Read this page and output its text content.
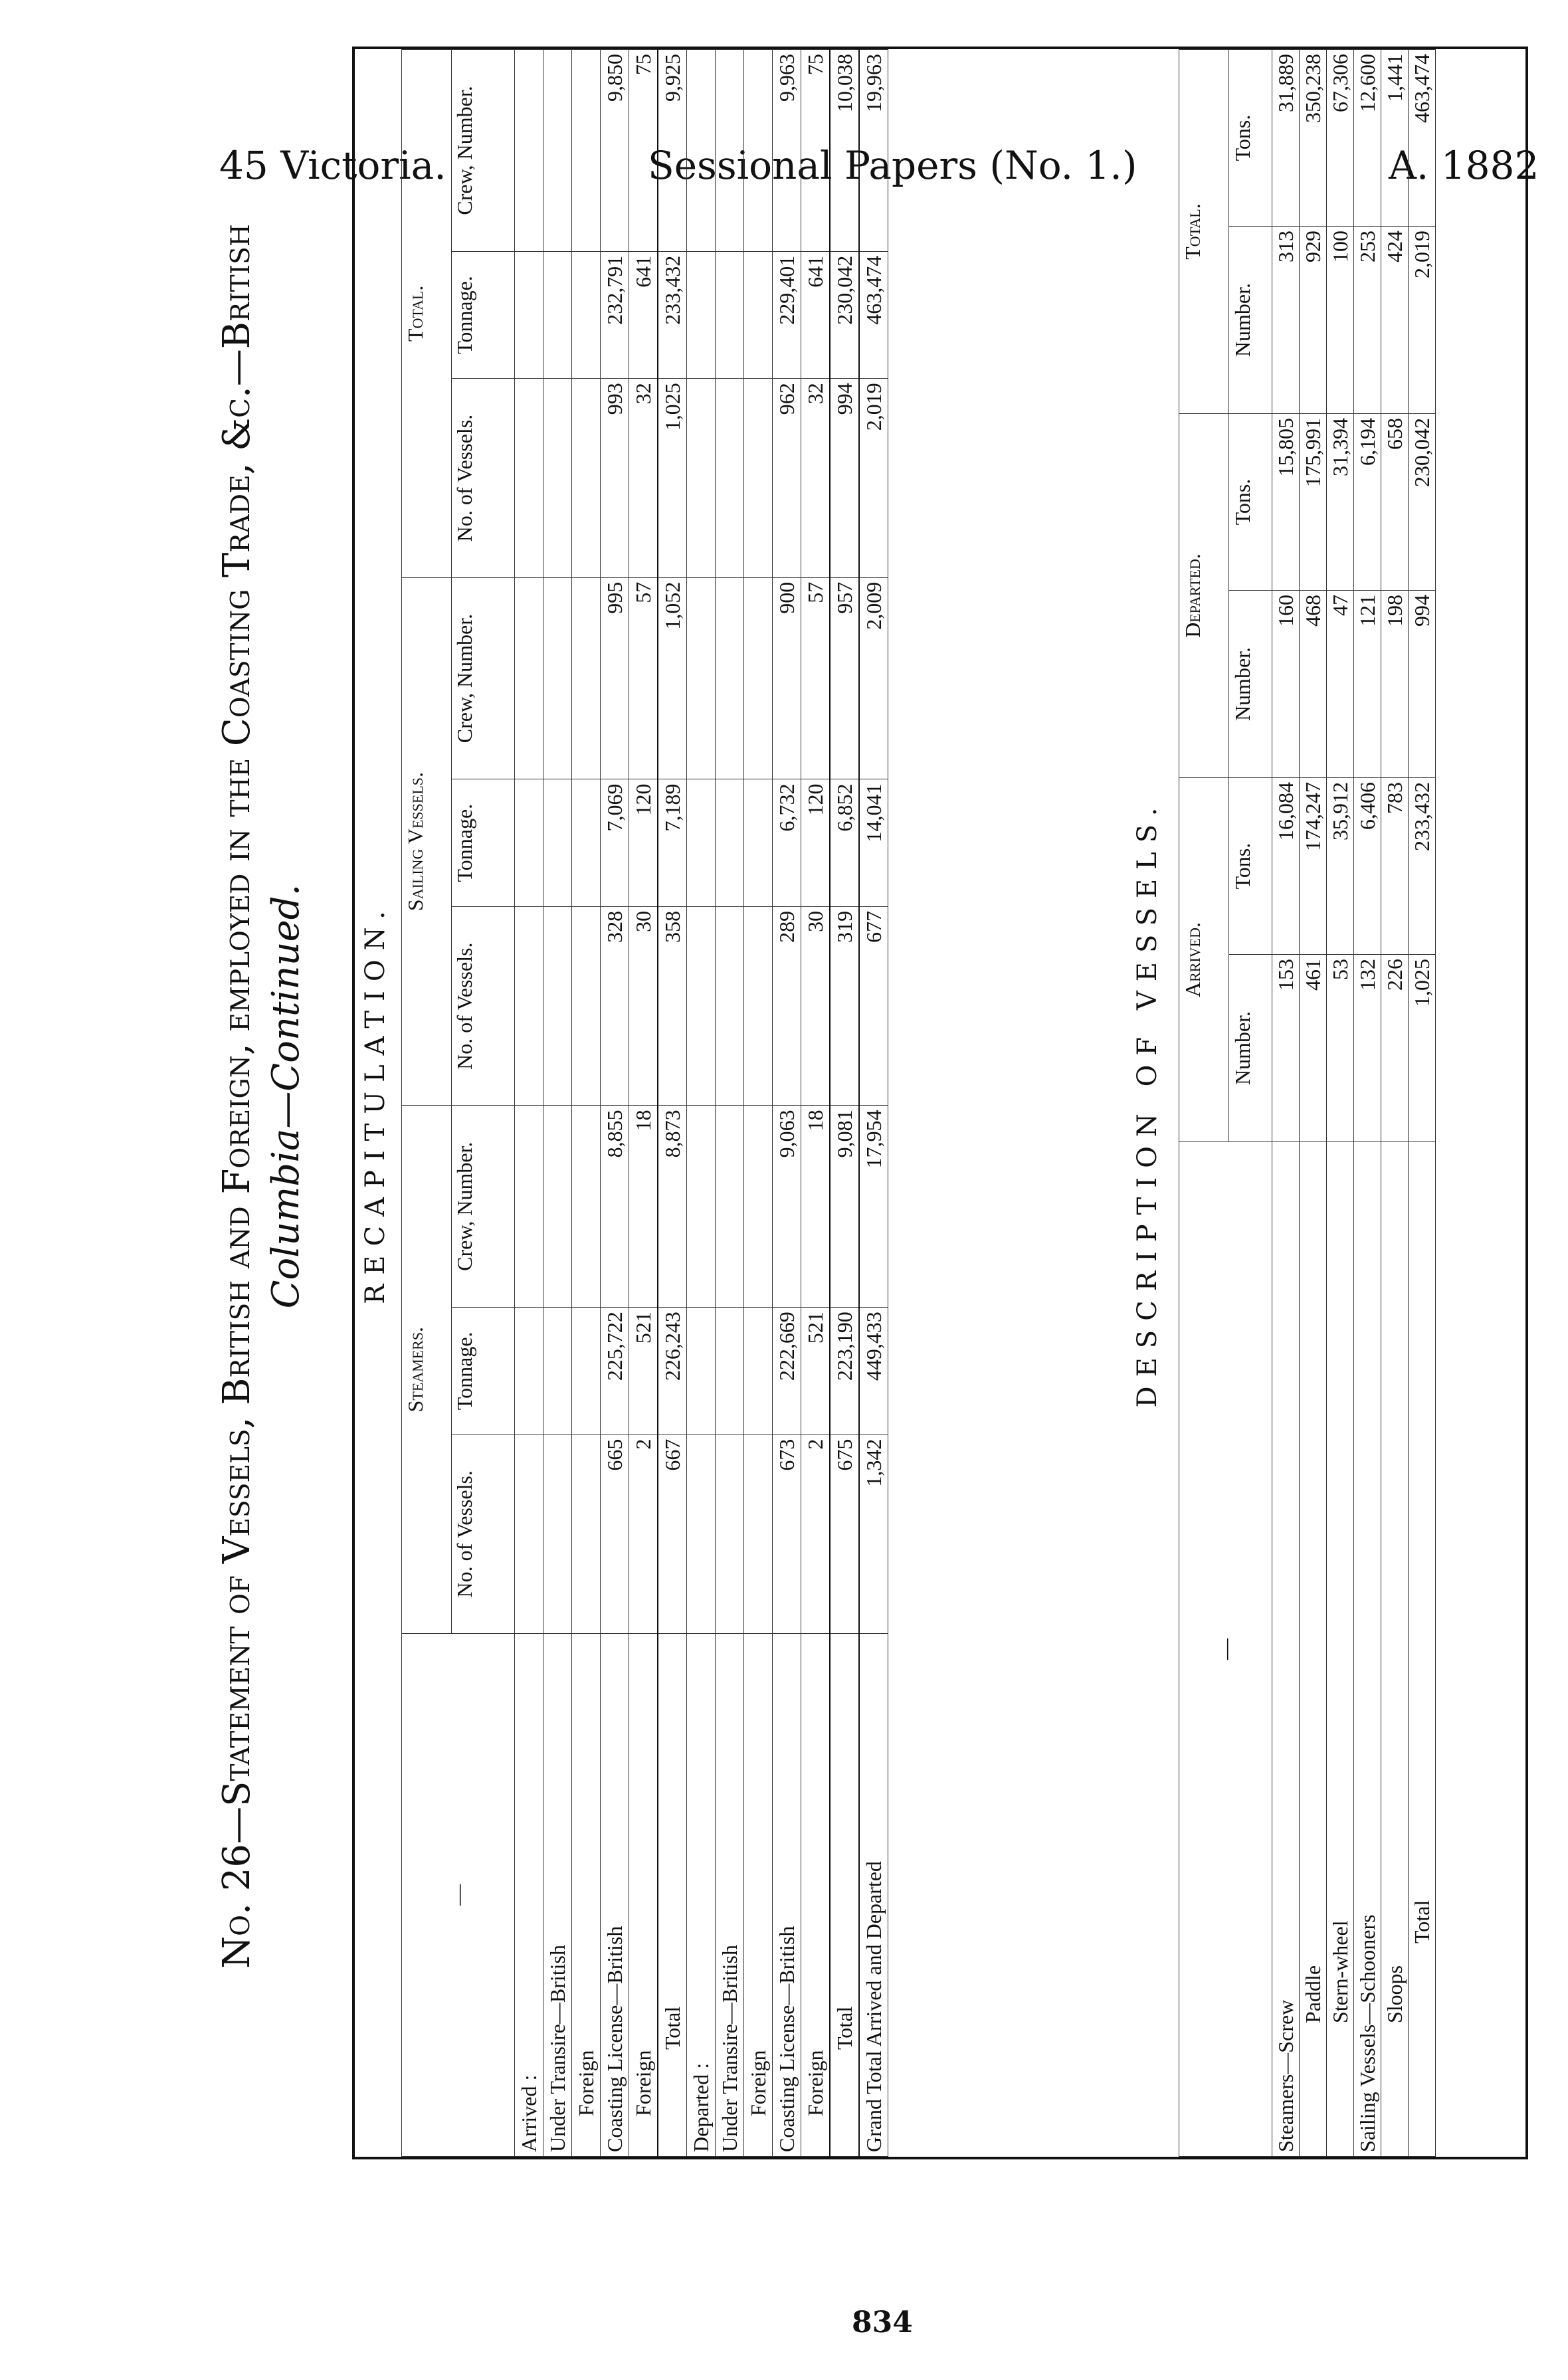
45 Victoria.	Sessional Papers (No. 1.)	A. 1882
No. 26—Statement of Vessels, British and Foreign, employed in the Coasting Trade, &c.—British Columbia—Continued. RECAPITULATION.
—	Steamers.			Sailing Vessels.			Total.		
	No. of Vessels.	Tonnage.	Crew, Number.	No. of Vessels.	Tonnage.	Crew, Number.	No. of Vessels.	Tonnage.	Crew, Number.
Arrived :									
Under Transire—British									
Foreign									
Coasting License—British	665	225,722	8,855	328	7,069	995	993	232,791	9,850
Foreign	2	521	18	30	120	57	32	641	75
Total	667	226,243	8,873	358	7,189	1,052	1,025	233,432	9,925
Departed :									
Under Transire—British									
Foreign									
Coasting License—British	673	222,669	9,063	289	6,732	900	962	229,401	9,963
Foreign	2	521	18	30	120	57	32	641	75
Total	675	223,190	9,081	319	6,852	957	994	230,042	10,038
Grand Total Arrived and Departed	1,342	449,433	17,954	677	14,041	2,009	2,019	463,474	19,963
DESCRIPTION OF VESSELS.
—	Arrived.		Departed.		Total.	
	Number.	Tons.	Number.	Tons.	Number.	Tons.
Steamers—Screw	153	16,084	160	15,805	313	31,889
Paddle	461	174,247	468	175,991	929	350,238
Stern-wheel	53	35,912	47	31,394	100	67,306
Sailing Vessels—Schooners	132	6,406	121	6,194	253	12,600
Sloops	226	783	198	658	424	1,441
Total	1,025	233,432	994	230,042	2,019	463,474
834
